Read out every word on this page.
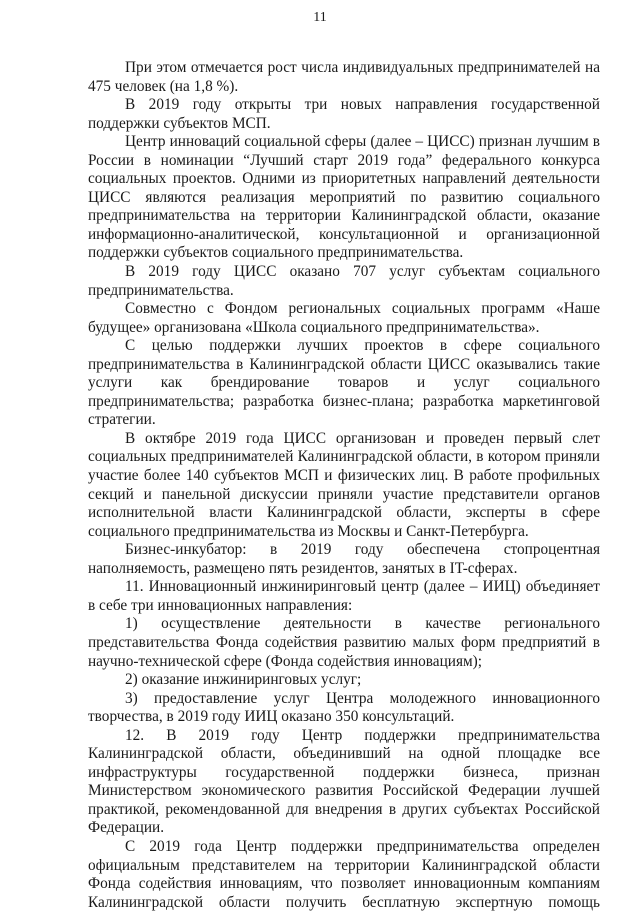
11

При этом отмечается рост числа индивидуальных предпринимателей на 475 человек (на 1,8 %).

В 2019 году открыты три новых направления государственной поддержки субъектов МСП.

Центр инноваций социальной сферы (далее – ЦИСС) признан лучшим в России в номинации “Лучший старт 2019 года” федерального конкурса социальных проектов. Одними из приоритетных направлений деятельности ЦИСС являются реализация мероприятий по развитию социального предпринимательства на территории Калининградской области, оказание информационно-аналитической, консультационной и организационной поддержки субъектов социального предпринимательства.

В 2019 году ЦИСС оказано 707 услуг субъектам социального предпринимательства.

Совместно с Фондом региональных социальных программ «Наше будущее» организована «Школа социального предпринимательства».

С целью поддержки лучших проектов в сфере социального предпринимательства в Калининградской области ЦИСС оказывались такие услуги как брендирование товаров и услуг социального предпринимательства; разработка бизнес-плана; разработка маркетинговой стратегии.

В октябре 2019 года ЦИСС организован и проведен первый слет социальных предпринимателей Калининградской области, в котором приняли участие более 140 субъектов МСП и физических лиц. В работе профильных секций и панельной дискуссии приняли участие представители органов исполнительной власти Калининградской области, эксперты в сфере социального предпринимательства из Москвы и Санкт-Петербурга.

Бизнес-инкубатор: в 2019 году обеспечена стопроцентная наполняемость, размещено пять резидентов, занятых в IT-сферах.

11. Инновационный инжиниринговый центр (далее – ИИЦ) объединяет в себе три инновационных направления:

1) осуществление деятельности в качестве регионального представительства Фонда содействия развитию малых форм предприятий в научно-технической сфере (Фонда содействия инновациям);

2) оказание инжиниринговых услуг;

3) предоставление услуг Центра молодежного инновационного творчества, в 2019 году ИИЦ оказано 350 консультаций.

12. В 2019 году Центр поддержки предпринимательства Калининградской области, объединивший на одной площадке все инфраструктуры государственной поддержки бизнеса, признан Министерством экономического развития Российской Федерации лучшей практикой, рекомендованной для внедрения в других субъектах Российской Федерации.

С 2019 года Центр поддержки предпринимательства определен официальным представителем на территории Калининградской области Фонда содействия инновациям, что позволяет инновационным компаниям Калининградской области получить бесплатную экспертную помощь
